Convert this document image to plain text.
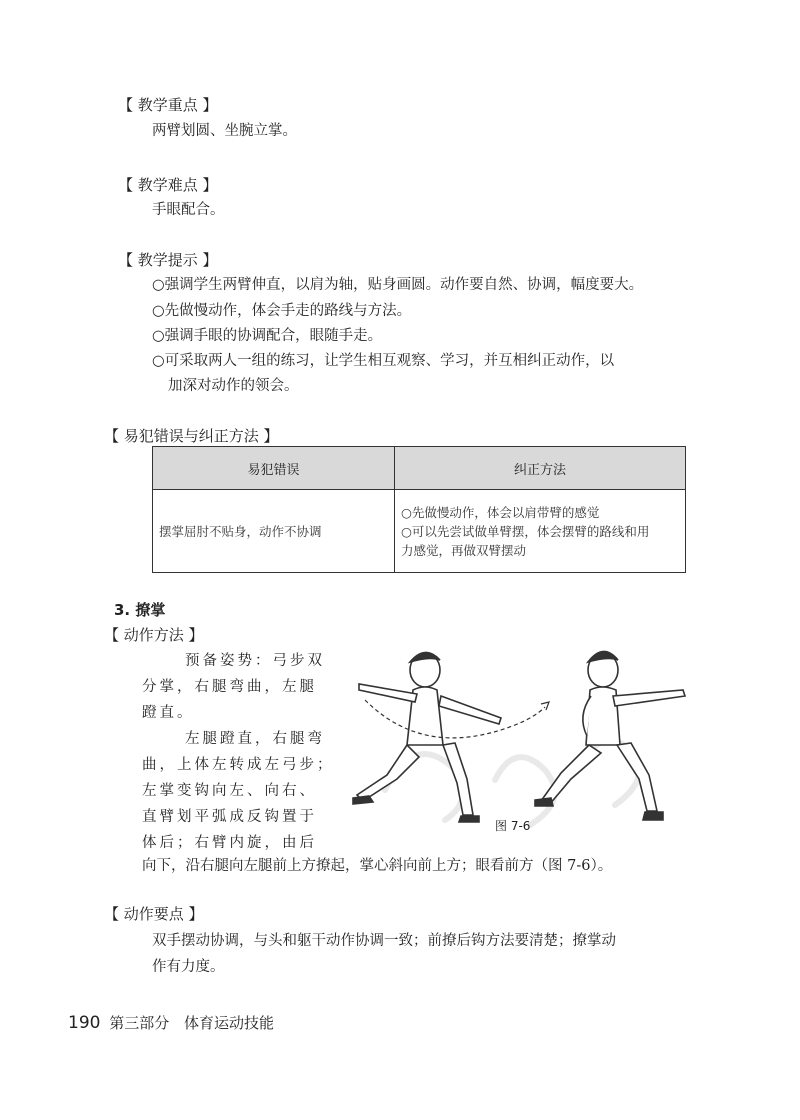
【 教学重点 】
两臂划圆、坐腕立掌。
【 教学难点 】
手眼配合。
【 教学提示 】
○强调学生两臂伸直，以肩为轴，贴身画圆。动作要自然、协调，幅度要大。
○先做慢动作，体会手走的路线与方法。
○强调手眼的协调配合，眼随手走。
○可采取两人一组的练习，让学生相互观察、学习，并互相纠正动作，以
加深对动作的领会。
【 易犯错误与纠正方法 】
易犯错误	纠正方法
摆掌屈肘不贴身，动作不协调	○先做慢动作，体会以肩带臂的感觉
○可以先尝试做单臂摆，体会摆臂的路线和用
力感觉，再做双臂摆动
3. 撩掌
【 动作方法 】
预备姿势：弓步双
分掌，右腿弯曲，左腿
蹬直。
左腿蹬直，右腿弯
曲，上体左转成左弓步；
左掌变钩向左、向右、
直臂划平弧成反钩置于
体后；右臂内旋，由后
图 7-6
向下，沿右腿向左腿前上方撩起，掌心斜向前上方；眼看前方（图 7-6）。
【 动作要点 】
双手摆动协调，与头和躯干动作协调一致；前撩后钩方法要清楚；撩掌动
作有力度。
190 第三部分 体育运动技能
